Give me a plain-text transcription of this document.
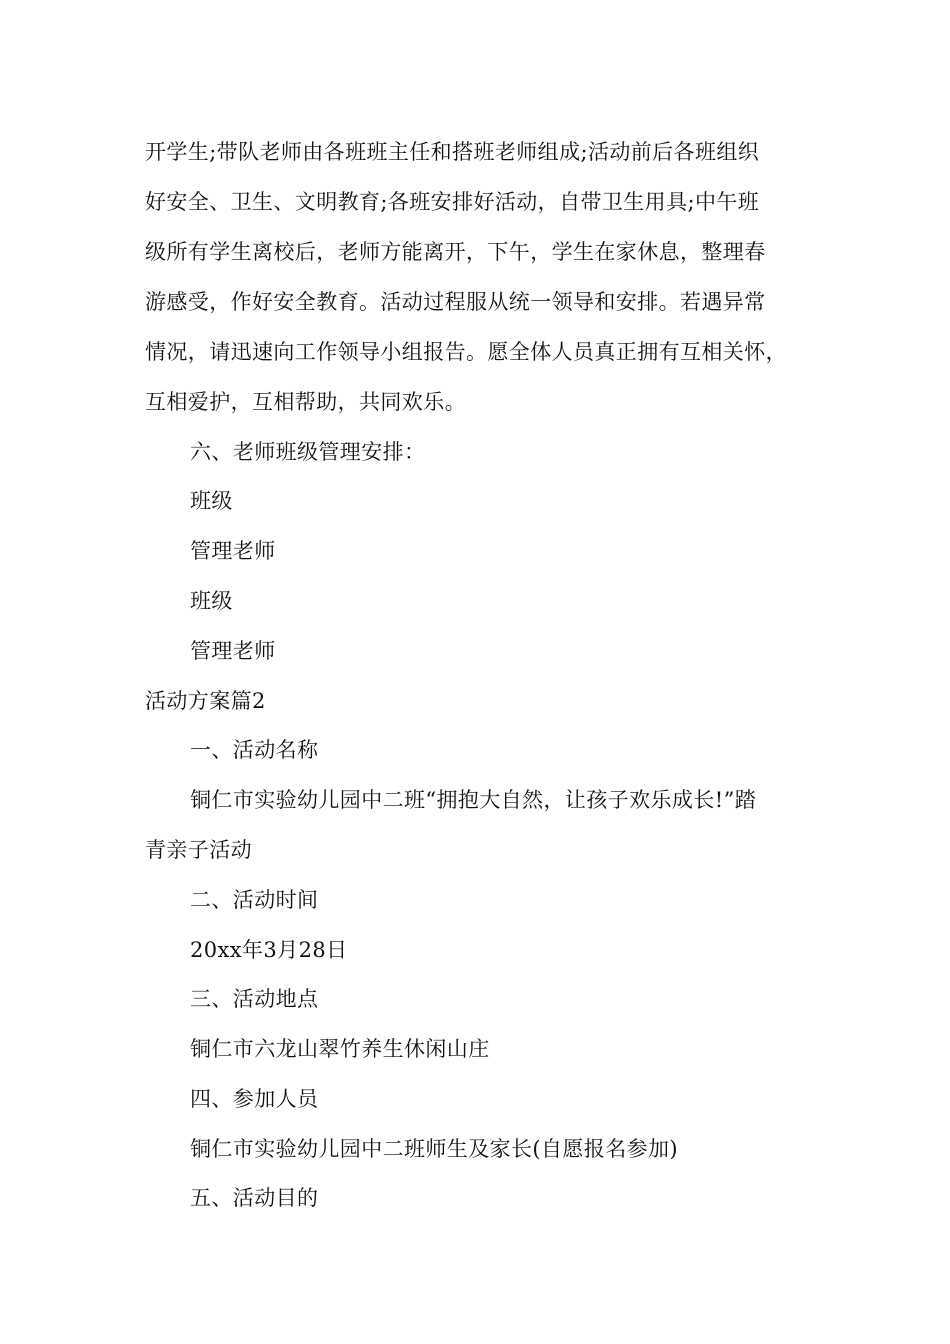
开学生;带队老师由各班班主任和搭班老师组成;活动前后各班组织
好安全、卫生、文明教育;各班安排好活动，自带卫生用具;中午班
级所有学生离校后，老师方能离开，下午，学生在家休息，整理春
游感受，作好安全教育。活动过程服从统一领导和安排。若遇异常
情况，请迅速向工作领导小组报告。愿全体人员真正拥有互相关怀，
互相爱护，互相帮助，共同欢乐。
六、老师班级管理安排：
班级
管理老师
班级
管理老师
活动方案篇2
一、活动名称
铜仁市实验幼儿园中二班“拥抱大自然，让孩子欢乐成长!”踏
青亲子活动
二、活动时间
20xx年3月28日
三、活动地点
铜仁市六龙山翠竹养生休闲山庄
四、参加人员
铜仁市实验幼儿园中二班师生及家长(自愿报名参加)
五、活动目的
